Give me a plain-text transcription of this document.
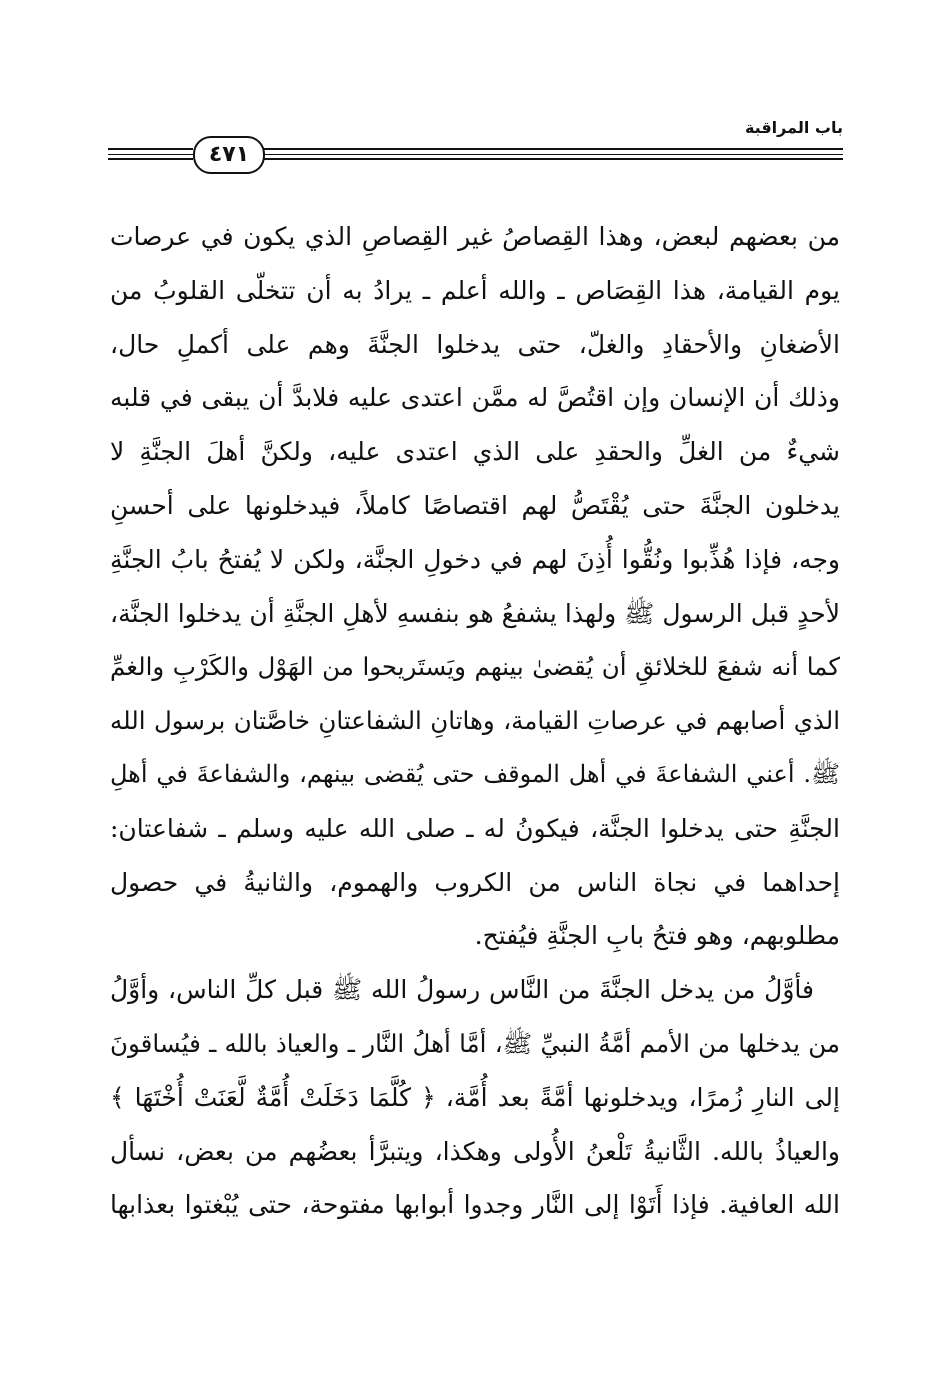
باب المراقبة
٤٧١
من بعضهم لبعض، وهذا القِصاصُ غير القِصاصِ الذي يكون في عرصات
يوم القيامة، هذا القِصَاص ـ والله أعلم ـ يرادُ به أن تتخلّى القلوبُ من
الأضغانِ والأحقادِ والغلّ، حتى يدخلوا الجنَّةَ وهم على أكملِ حال،
وذلك أن الإنسان وإن اقتُصَّ له ممَّن اعتدى عليه فلابدَّ أن يبقى في قلبه
شيءٌ من الغلِّ والحقدِ على الذي اعتدى عليه، ولكنَّ أهلَ الجنَّةِ لا
يدخلون الجنَّةَ حتى يُقْتَصُّ لهم اقتصاصًا كاملاً، فيدخلونها على أحسنِ
وجه، فإذا هُذِّبوا ونُقُّوا أُذِنَ لهم في دخولِ الجنَّة، ولكن لا يُفتحُ بابُ الجنَّةِ
لأحدٍ قبل الرسول ﷺ ولهذا يشفعُ هو بنفسهِ لأهلِ الجنَّةِ أن يدخلوا الجنَّة،
كما أنه شفعَ للخلائقِ أن يُقضىٰ بينهم ويَستَريحوا من الهَوْل والكَرْبِ والغمِّ
الذي أصابهم في عرصاتِ القيامة، وهاتانِ الشفاعتانِ خاصَّتان برسول الله
ﷺ. أعني الشفاعةَ في أهل الموقف حتى يُقضى بينهم، والشفاعةَ في أهلِ
الجنَّةِ حتى يدخلوا الجنَّة، فيكونُ له ـ صلى الله عليه وسلم ـ شفاعتان:
إحداهما في نجاة الناس من الكروب والهموم، والثانيةُ في حصول
مطلوبهم، وهو فتحُ بابِ الجنَّةِ فيُفتح.
فأوَّلُ من يدخل الجنَّةَ من النَّاس رسولُ الله ﷺ قبل كلِّ الناس، وأوَّلُ
من يدخلها من الأمم أمَّةُ النبيِّ ﷺ، أمَّا أهلُ النَّار ـ والعياذ بالله ـ فيُساقونَ
إلى النارِ زُمرًا، ويدخلونها أمَّةً بعد أُمَّة، ﴿ كُلَّمَا دَخَلَتْ أُمَّةٌ لَّعَنَتْ أُخْتَهَا ﴾
والعياذُ بالله. الثَّانيةُ تَلْعنُ الأُولى وهكذا، ويتبرَّأ بعضُهم من بعض، نسأل
الله العافية. فإذا أَتَوْا إلى النَّار وجدوا أبوابها مفتوحة، حتى يُبْغتوا بعذابها
